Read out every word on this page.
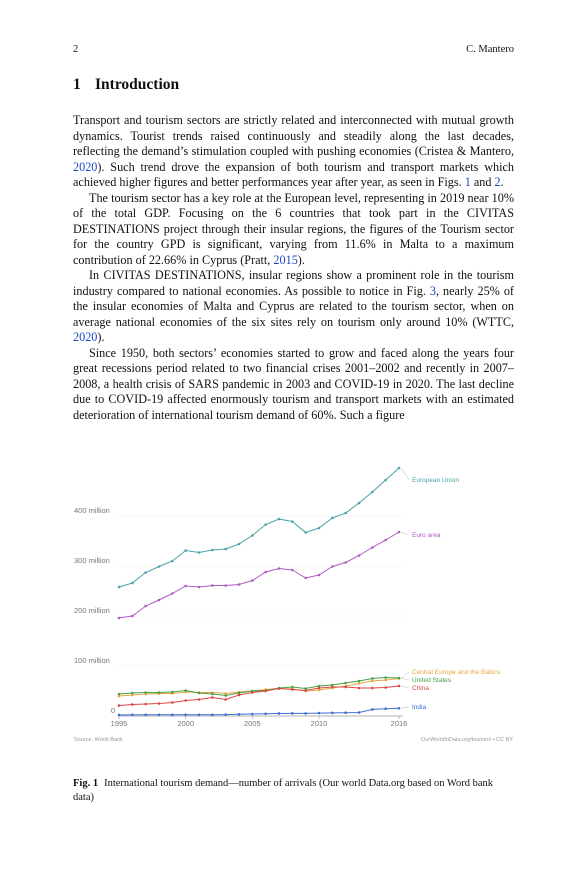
2	C. Mantero
1 Introduction

Transport and tourism sectors are strictly related and interconnected with mutual growth dynamics. Tourist trends raised continuously and steadily along the last decades, reflecting the demand’s stimulation coupled with pushing economies (Cristea & Mantero, 2020). Such trend drove the expansion of both tourism and transport markets which achieved higher figures and better performances year after year, as seen in Figs. 1 and 2.

The tourism sector has a key role at the European level, representing in 2019 near 10% of the total GDP. Focusing on the 6 countries that took part in the CIVITAS DESTINATIONS project through their insular regions, the figures of the Tourism sector for the country GPD is significant, varying from 11.6% in Malta to a maximum contribution of 22.66% in Cyprus (Pratt, 2015).

In CIVITAS DESTINATIONS, insular regions show a prominent role in the tourism industry compared to national economies. As possible to notice in Fig. 3, nearly 25% of the insular economies of Malta and Cyprus are related to the tourism sector, when on average national economies of the six sites rely on tourism only around 10% (WTTC, 2020).

Since 1950, both sectors’ economies started to grow and faced along the years four great recessions period related to two financial crises 2001–2002 and recently in 2007–2008, a health crisis of SARS pandemic in 2003 and COVID-19 in 2020. The last decline due to COVID-19 affected enormously tourism and transport markets with an estimated deterioration of international tourism demand of 60%. Such a figure

0
100 million
200 million
300 million
400 million
1995	2000	2005	2010	2016
European Union
Euro area
Central Europe and the Baltics
United States
China
India
Source: World Bank	OurWorldInData.org/tourism/ • CC BY
Fig. 1 International tourism demand—number of arrivals (Our world Data.org based on Word bank data)
